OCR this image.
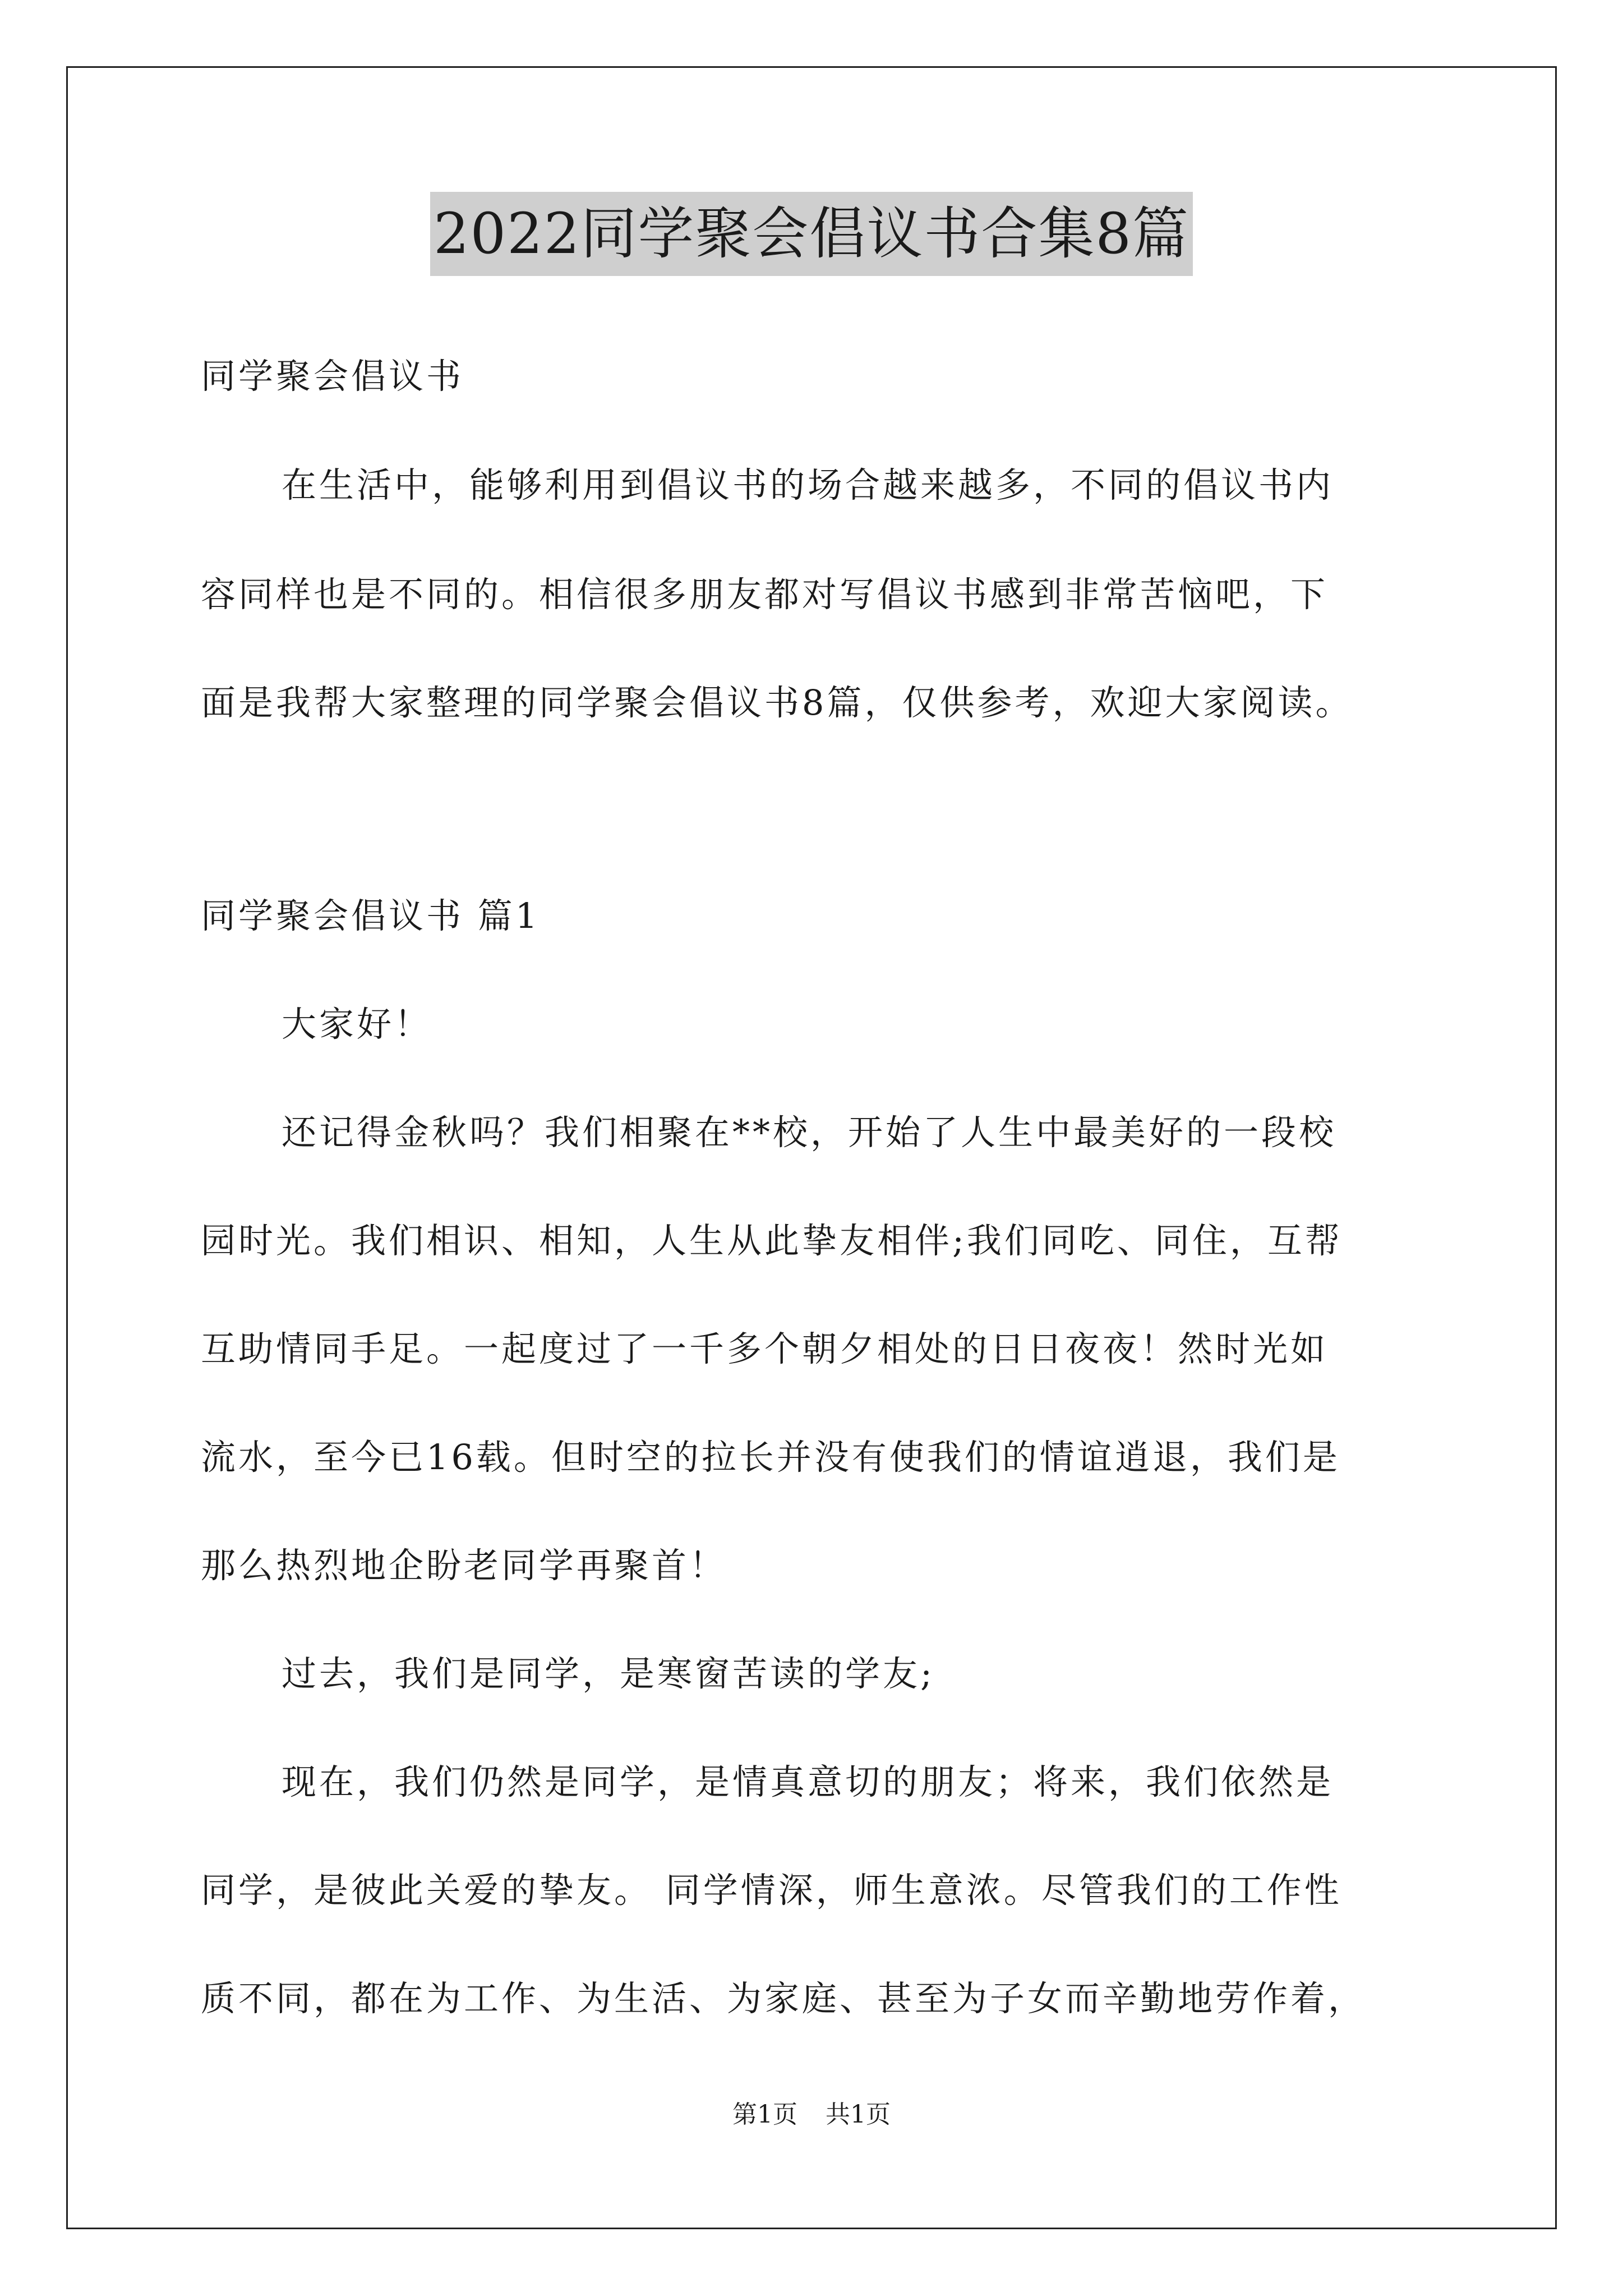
2022同学聚会倡议书合集8篇
同学聚会倡议书
在生活中，能够利用到倡议书的场合越来越多，不同的倡议书内
容同样也是不同的。相信很多朋友都对写倡议书感到非常苦恼吧，下
面是我帮大家整理的同学聚会倡议书8篇，仅供参考，欢迎大家阅读。
同学聚会倡议书 篇1
大家好！
还记得金秋吗？我们相聚在**校，开始了人生中最美好的一段校
园时光。我们相识、相知，人生从此挚友相伴;我们同吃、同住，互帮
互助情同手足。一起度过了一千多个朝夕相处的日日夜夜！然时光如
流水，至今已16载。但时空的拉长并没有使我们的情谊逍退，我们是
那么热烈地企盼老同学再聚首！
过去，我们是同学，是寒窗苦读的学友;
现在，我们仍然是同学，是情真意切的朋友；将来，我们依然是
同学，是彼此关爱的挚友。 同学情深，师生意浓。尽管我们的工作性
质不同，都在为工作、为生活、为家庭、甚至为子女而辛勤地劳作着，
第1页 共1页
